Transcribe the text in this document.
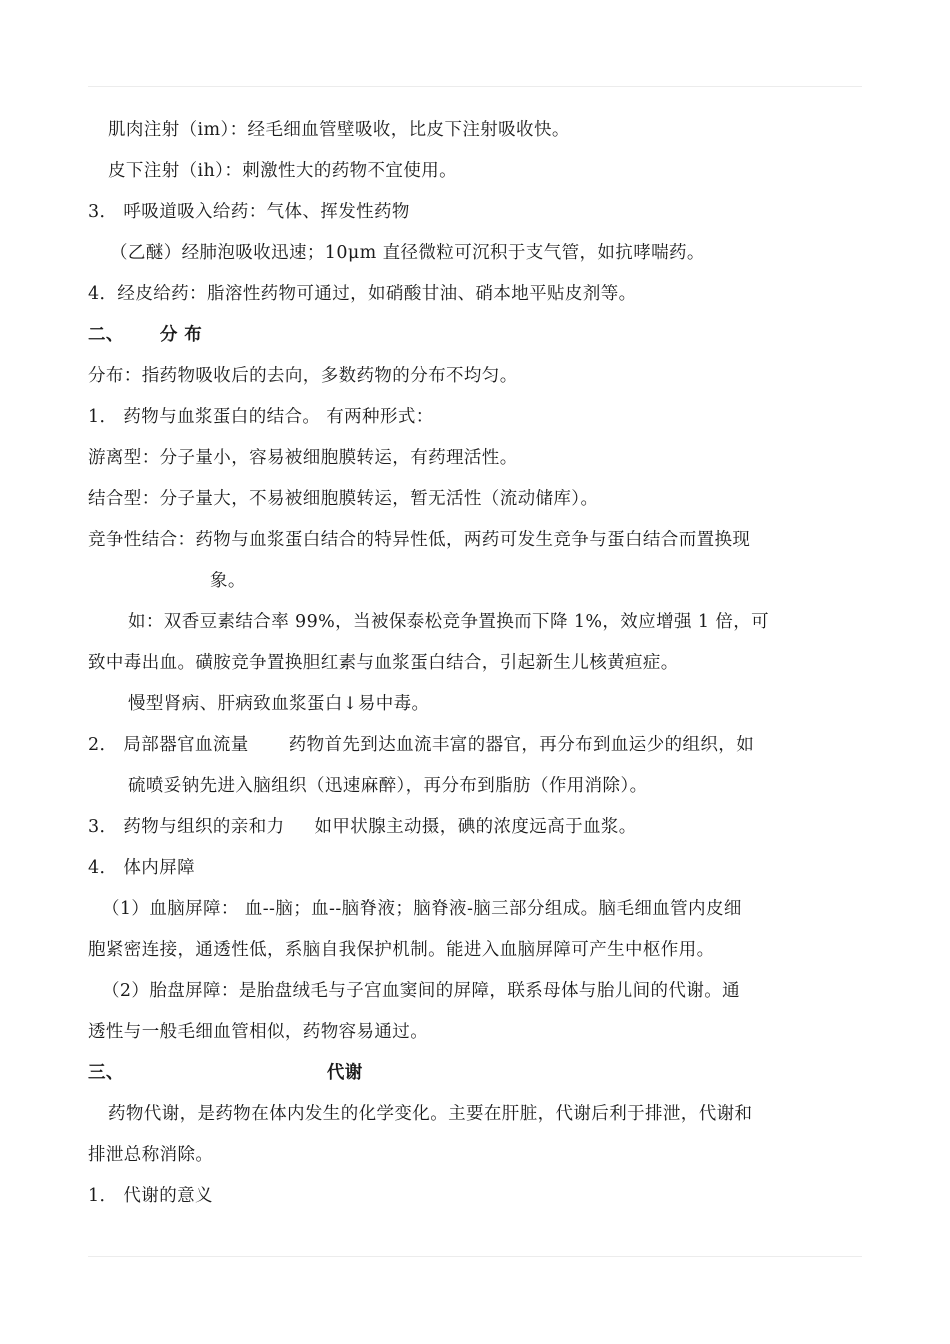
肌肉注射（im）：经毛细血管壁吸收，比皮下注射吸收快。
皮下注射（ih）：刺激性大的药物不宜使用。
3． 呼吸道吸入给药：气体、挥发性药物
（乙醚）经肺泡吸收迅速；10μm 直径微粒可沉积于支气管，如抗哮喘药。
4．经皮给药：脂溶性药物可通过，如硝酸甘油、硝本地平贴皮剂等。
二、 分 布
分布：指药物吸收后的去向，多数药物的分布不均匀。
1． 药物与血浆蛋白的结合。 有两种形式：
游离型：分子量小，容易被细胞膜转运，有药理活性。
结合型：分子量大，不易被细胞膜转运，暂无活性（流动储库）。
竞争性结合：药物与血浆蛋白结合的特异性低，两药可发生竞争与蛋白结合而置换现
象。
如：双香豆素结合率 99%，当被保泰松竞争置换而下降 1%，效应增强 1 倍，可
致中毒出血。磺胺竞争置换胆红素与血浆蛋白结合，引起新生儿核黄疸症。
慢型肾病、肝病致血浆蛋白↓易中毒。
2． 局部器官血流量 药物首先到达血流丰富的器官，再分布到血运少的组织，如
硫喷妥钠先进入脑组织（迅速麻醉），再分布到脂肪（作用消除）。
3． 药物与组织的亲和力 如甲状腺主动摄，碘的浓度远高于血浆。
4． 体内屏障
（1）血脑屏障： 血--脑；血--脑脊液；脑脊液-脑三部分组成。脑毛细血管内皮细
胞紧密连接，通透性低，系脑自我保护机制。能进入血脑屏障可产生中枢作用。
（2）胎盘屏障：是胎盘绒毛与子宫血窦间的屏障，联系母体与胎儿间的代谢。通
透性与一般毛细血管相似，药物容易通过。
三、	代谢
药物代谢，是药物在体内发生的化学变化。主要在肝脏，代谢后利于排泄，代谢和
排泄总称消除。
1． 代谢的意义
